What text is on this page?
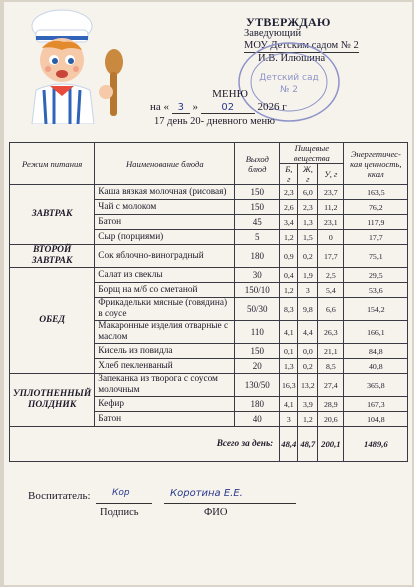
УТВЕРЖДАЮ
Заведующий
МОУ Детским садом № 2
И.В. Илюшина
Детский сад
№ 2
МЕНЮ
на « 3 » 02 2026 г
17 день 20- дневного меню
Режим питания	Наименование блюда	Выход блюд	Пищевые вещества			Энергетичес-кая ценность, ккал
			Б, г	Ж, г	У, г	
ЗАВТРАК	Каша вязкая молочная (рисовая)	150	2,3	6,0	23,7	163,5
	Чай с молоком	150	2,6	2,3	11,2	76,2
	Батон	45	3,4	1,3	23,1	117,9
	Сыр (порциями)	5	1,2	1,5	0	17,7
ВТОРОЙ ЗАВТРАК	Сок яблочно-виноградный	180	0,9	0,2	17,7	75,1
ОБЕД	Салат из свеклы	30	0,4	1,9	2,5	29,5
	Борщ на м/б со сметаной	150/10	1,2	3	5,4	53,6
	Фрикадельки мясные (говядина) в соусе	50/30	8,3	9,8	6,6	154,2
	Макаронные изделия отварные с маслом	110	4,1	4,4	26,3	166,1
	Кисель из повидла	150	0,1	0,0	21,1	84,8
	Хлеб пекленваный	20	1,3	0,2	8,5	40,8
УПЛОТНЕННЫЙ ПОЛДНИК	Запеканка из творога с соусом молочным	130/50	16,3	13,2	27,4	365,8
	Кефир	180	4,1	3,9	28,9	167,3
	Батон	40	3	1,2	20,6	104,8
Всего за день:			48,4	48,7	200,1	1489,6
Воспитатель:	Кор	Коротина Е.Е.
Подпись	ФИО
